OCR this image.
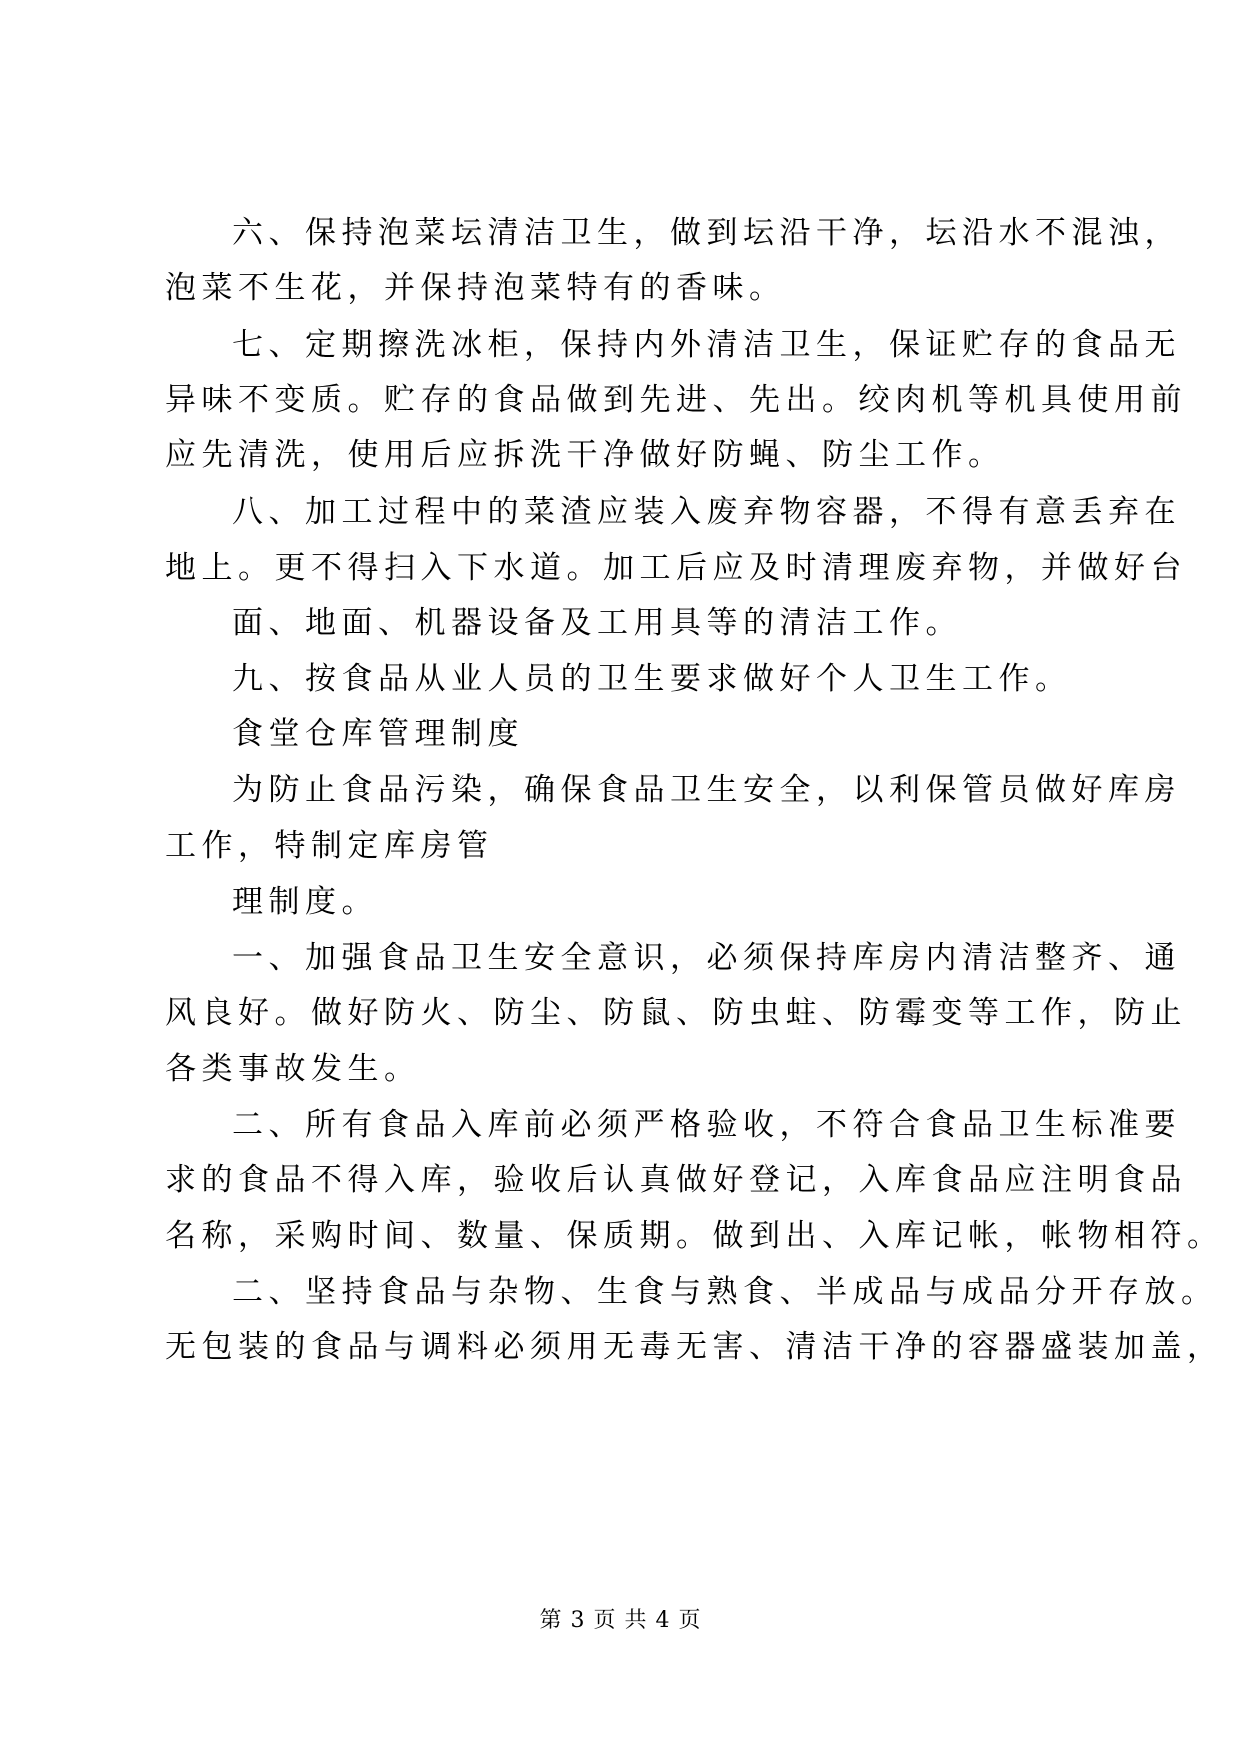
六、保持泡菜坛清洁卫生，做到坛沿干净，坛沿水不混浊，
泡菜不生花，并保持泡菜特有的香味。
七、定期擦洗冰柜，保持内外清洁卫生，保证贮存的食品无
异味不变质。贮存的食品做到先进、先出。绞肉机等机具使用前
应先清洗，使用后应拆洗干净做好防蝇、防尘工作。
八、加工过程中的菜渣应装入废弃物容器，不得有意丢弃在
地上。更不得扫入下水道。加工后应及时清理废弃物，并做好台
面、地面、机器设备及工用具等的清洁工作。
九、按食品从业人员的卫生要求做好个人卫生工作。
食堂仓库管理制度
为防止食品污染，确保食品卫生安全，以利保管员做好库房
工作，特制定库房管
理制度。
一、加强食品卫生安全意识，必须保持库房内清洁整齐、通
风良好。做好防火、防尘、防鼠、防虫蛀、防霉变等工作，防止
各类事故发生。
二、所有食品入库前必须严格验收，不符合食品卫生标准要
求的食品不得入库，验收后认真做好登记，入库食品应注明食品
名称，采购时间、数量、保质期。做到出、入库记帐，帐物相符。
二、坚持食品与杂物、生食与熟食、半成品与成品分开存放。
无包装的食品与调料必须用无毒无害、清洁干净的容器盛装加盖，
第 3 页 共 4 页
